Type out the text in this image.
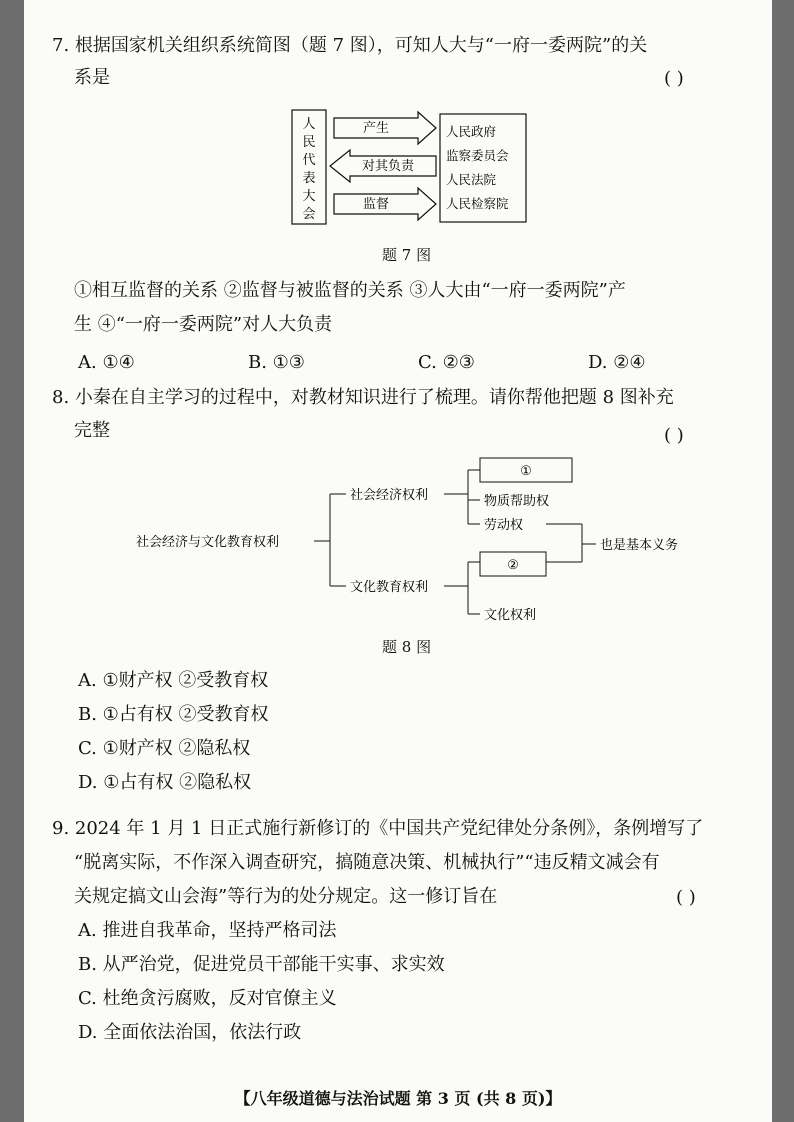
7. 根据国家机关组织系统简图（题 7 图），可知人大与“一府一委两院”的关
系是	( )
人
民
代
表
大
会
产生
对其负责
监督
人民政府
监察委员会
人民法院
人民检察院
题 7 图
①相互监督的关系 ②监督与被监督的关系 ③人大由“一府一委两院”产
生 ④“一府一委两院”对人大负责
A. ①④	B. ①③	C. ②③	D. ②④
8. 小秦在自主学习的过程中，对教材知识进行了梳理。请你帮他把题 8 图补充
完整	( )
社会经济与文化教育权利
社会经济权利
文化教育权利
①
物质帮助权
劳动权
②
文化权利
也是基本义务
题 8 图
A. ①财产权 ②受教育权
B. ①占有权 ②受教育权
C. ①财产权 ②隐私权
D. ①占有权 ②隐私权
9. 2024 年 1 月 1 日正式施行新修订的《中国共产党纪律处分条例》，条例增写了
“脱离实际，不作深入调查研究，搞随意决策、机械执行”“违反精文减会有
关规定搞文山会海”等行为的处分规定。这一修订旨在	( )
A. 推进自我革命，坚持严格司法
B. 从严治党，促进党员干部能干实事、求实效
C. 杜绝贪污腐败，反对官僚主义
D. 全面依法治国，依法行政
【八年级道德与法治试题 第 3 页 (共 8 页)】
